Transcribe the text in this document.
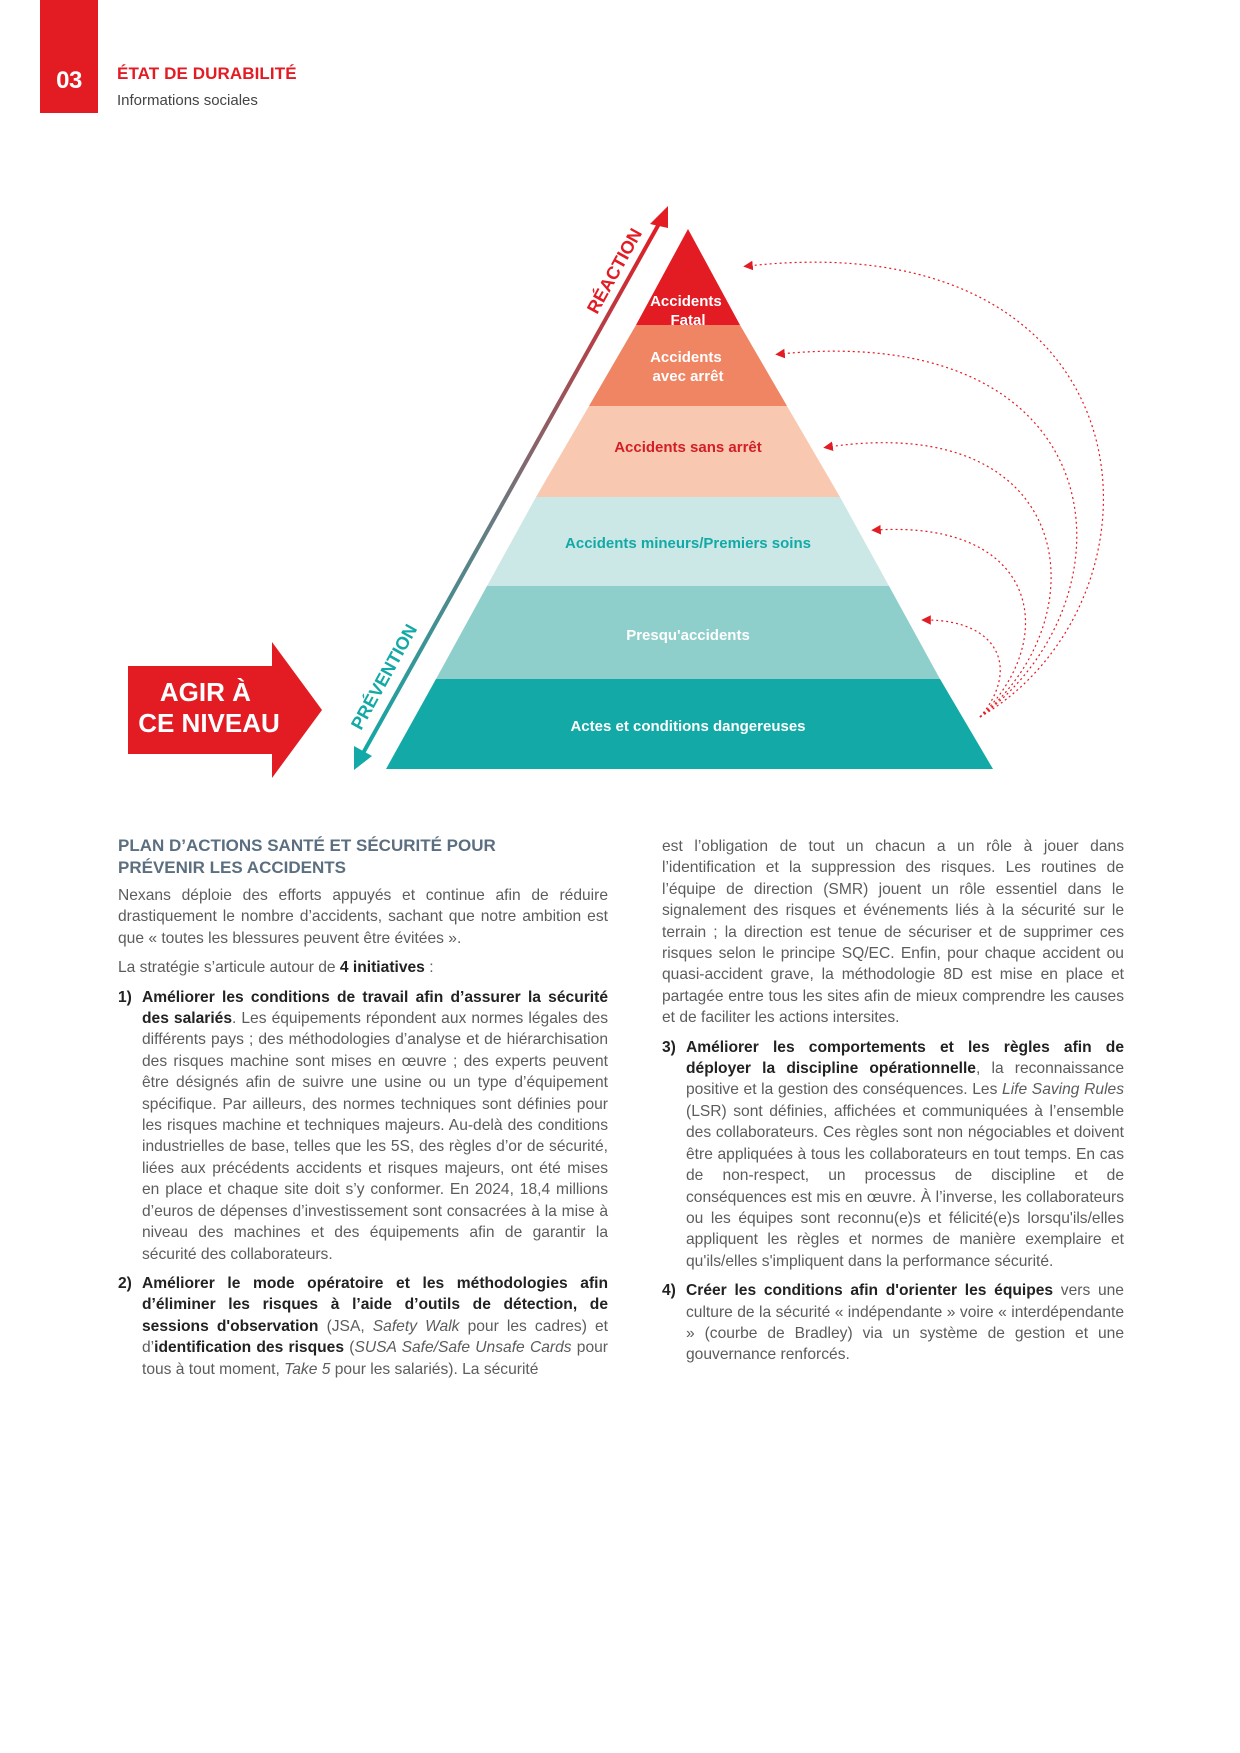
03	ÉTAT DE DURABILITÉ
Informations sociales
Accidents Fatal
Accidents avec arrêt
Accidents sans arrêt
Accidents mineurs/Premiers soins
Presqu'accidents
Actes et conditions dangereuses
RÉACTION
PRÉVENTION
AGIR À CE NIVEAU
PLAN D’ACTIONS SANTÉ ET SÉCURITÉ POUR
PRÉVENIR LES ACCIDENTS

Nexans déploie des efforts appuyés et continue afin de réduire drastiquement le nombre d’accidents, sachant que notre ambition est que « toutes les blessures peuvent être évitées ».

La stratégie s’articule autour de 4 initiatives :

1) Améliorer les conditions de travail afin d’assurer la sécurité des salariés. Les équipements répondent aux normes légales des différents pays ; des méthodologies d’analyse et de hiérarchisation des risques machine sont mises en œuvre ; des experts peuvent être désignés afin de suivre une usine ou un type d’équipement spécifique. Par ailleurs, des normes techniques sont définies pour les risques machine et techniques majeurs. Au-delà des conditions industrielles de base, telles que les 5S, des règles d’or de sécurité, liées aux précédents accidents et risques majeurs, ont été mises en place et chaque site doit s’y conformer. En 2024, 18,4 millions d’euros de dépenses d’investissement sont consacrées à la mise à niveau des machines et des équipements afin de garantir la sécurité des collaborateurs.
2) Améliorer le mode opératoire et les méthodologies afin d’éliminer les risques à l’aide d’outils de détection, de sessions d'observation (JSA, Safety Walk pour les cadres) et d’identification des risques (SUSA Safe/Safe Unsafe Cards pour tous à tout moment, Take 5 pour les salariés). La sécurité
est l’obligation de tout un chacun a un rôle à jouer dans l’identification et la suppression des risques. Les routines de l’équipe de direction (SMR) jouent un rôle essentiel dans le signalement des risques et événements liés à la sécurité sur le terrain ; la direction est tenue de sécuriser et de supprimer ces risques selon le principe SQ/EC. Enfin, pour chaque accident ou quasi-accident grave, la méthodologie 8D est mise en place et partagée entre tous les sites afin de mieux comprendre les causes et de faciliter les actions intersites.
3) Améliorer les comportements et les règles afin de déployer la discipline opérationnelle, la reconnaissance positive et la gestion des conséquences. Les Life Saving Rules (LSR) sont définies, affichées et communiquées à l’ensemble des collaborateurs. Ces règles sont non négociables et doivent être appliquées à tous les collaborateurs en tout temps. En cas de non-respect, un processus de discipline et de conséquences est mis en œuvre. À l’inverse, les collaborateurs ou les équipes sont reconnu(e)s et félicité(e)s lorsqu'ils/elles appliquent les règles et normes de manière exemplaire et qu'ils/elles s'impliquent dans la performance sécurité.
4) Créer les conditions afin d'orienter les équipes vers une culture de la sécurité « indépendante » voire « interdépendante » (courbe de Bradley) via un système de gestion et une gouvernance renforcés.
